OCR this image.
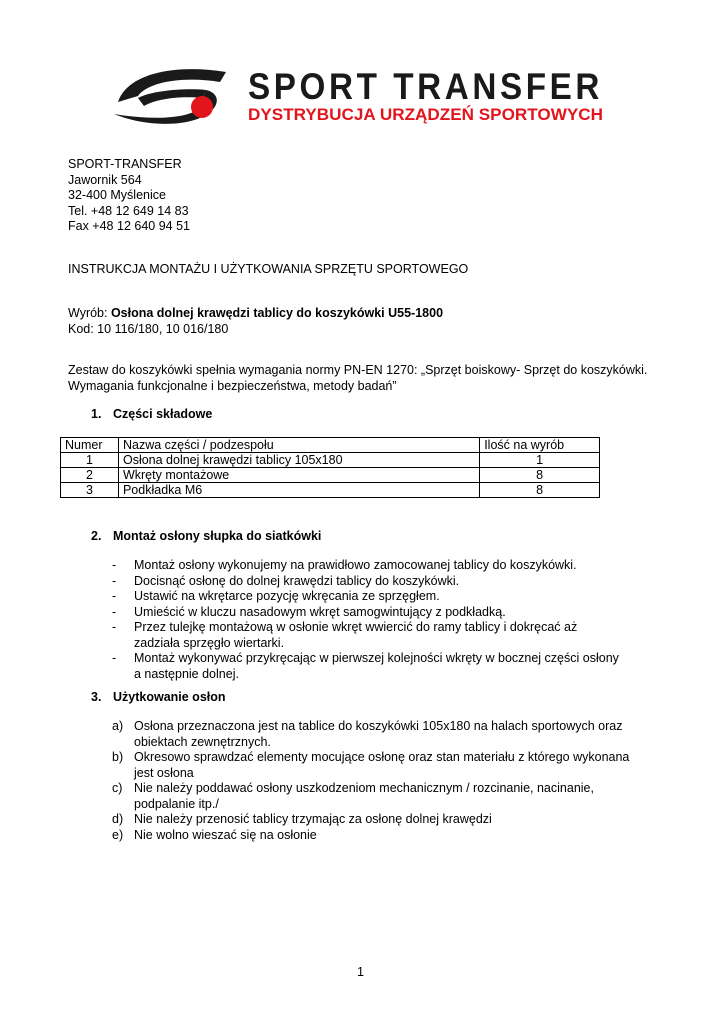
SPORT TRANSFER
DYSTRYBUCJA URZĄDZEŃ SPORTOWYCH
SPORT-TRANSFER
Jawornik 564
32-400 Myślenice
Tel. +48 12 649 14 83
Fax +48 12 640 94 51
INSTRUKCJA MONTAŻU I UŻYTKOWANIA SPRZĘTU SPORTOWEGO
Wyrób: Osłona dolnej krawędzi tablicy do koszykówki U55-1800
Kod: 10 116/180, 10 016/180
Zestaw do koszykówki spełnia wymagania normy PN-EN 1270: „Sprzęt boiskowy- Sprzęt do koszykówki. Wymagania funkcjonalne i bezpieczeństwa, metody badań”
1. Części składowe
Numer	Nazwa części / podzespołu	Ilość na wyrób
1	Osłona dolnej krawędzi tablicy 105x180	1
2	Wkręty montażowe	8
3	Podkładka M6	8
2. Montaż osłony słupka do siatkówki
- Montaż osłony wykonujemy na prawidłowo zamocowanej tablicy do koszykówki.
- Docisnąć osłonę do dolnej krawędzi tablicy do koszykówki.
- Ustawić na wkrętarce pozycję wkręcania ze sprzęgłem.
- Umieścić w kluczu nasadowym wkręt samogwintujący z podkładką.
- Przez tulejkę montażową w osłonie wkręt wwiercić do ramy tablicy i dokręcać aż zadziała sprzęgło wiertarki.
- Montaż wykonywać przykręcając w pierwszej kolejności wkręty w bocznej części osłony a następnie dolnej.
3. Użytkowanie osłon
a) Osłona przeznaczona jest na tablice do koszykówki 105x180 na halach sportowych oraz obiektach zewnętrznych.
b) Okresowo sprawdzać elementy mocujące osłonę oraz stan materiału z którego wykonana jest osłona
c) Nie należy poddawać osłony uszkodzeniom mechanicznym / rozcinanie, nacinanie, podpalanie itp./
d) Nie należy przenosić tablicy trzymając za osłonę dolnej krawędzi
e) Nie wolno wieszać się na osłonie
1
